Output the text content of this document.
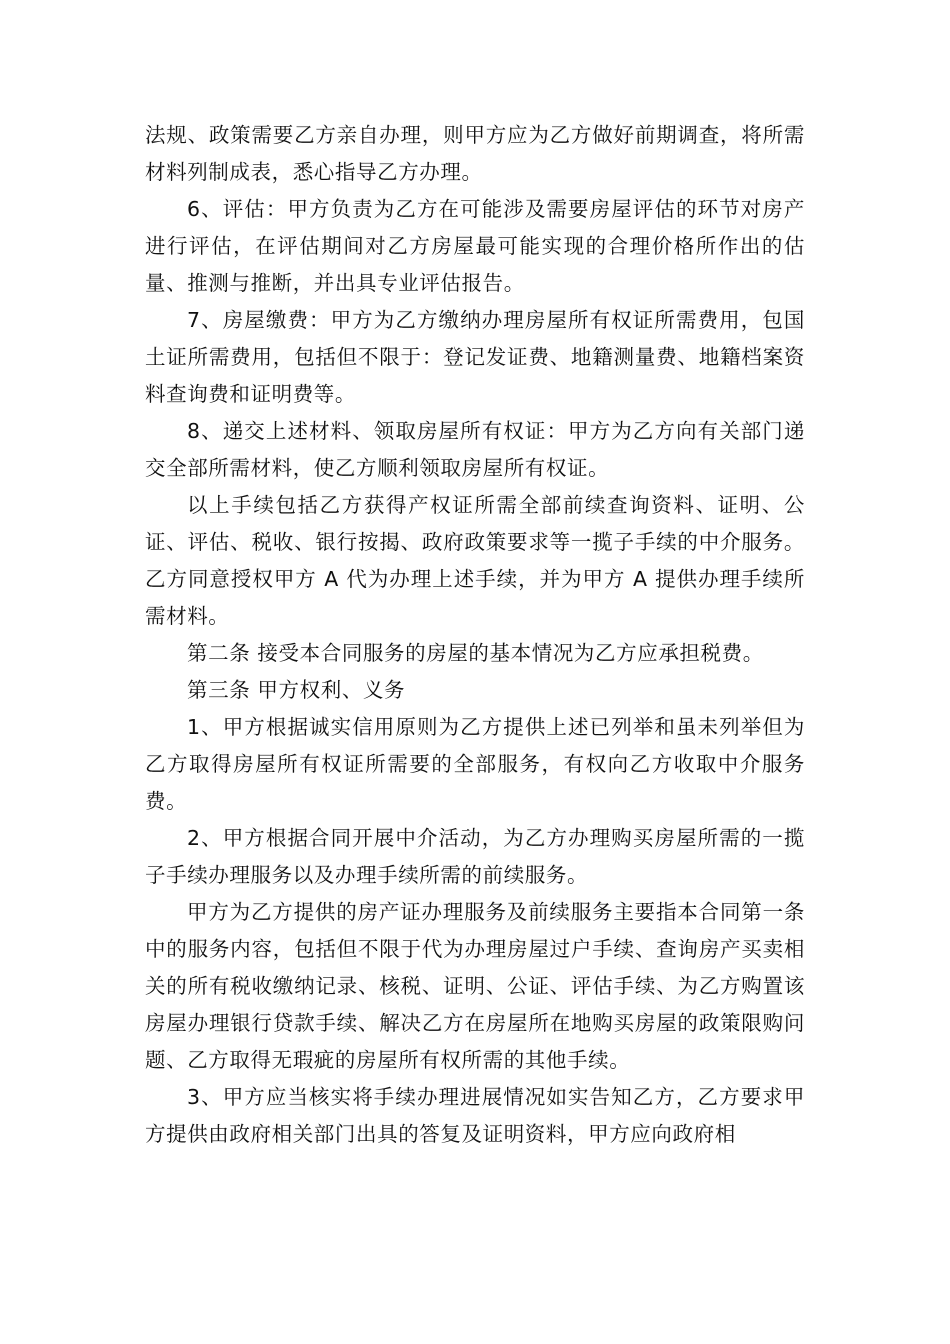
法规、政策需要乙方亲自办理，则甲方应为乙方做好前期调查，将所需材料列制成表，悉心指导乙方办理。

6、评估：甲方负责为乙方在可能涉及需要房屋评估的环节对房产进行评估，在评估期间对乙方房屋最可能实现的合理价格所作出的估量、推测与推断，并出具专业评估报告。

7、房屋缴费：甲方为乙方缴纳办理房屋所有权证所需费用，包国土证所需费用，包括但不限于：登记发证费、地籍测量费、地籍档案资料查询费和证明费等。

8、递交上述材料、领取房屋所有权证：甲方为乙方向有关部门递交全部所需材料，使乙方顺利领取房屋所有权证。

以上手续包括乙方获得产权证所需全部前续查询资料、证明、公证、评估、税收、银行按揭、政府政策要求等一揽子手续的中介服务。 乙方同意授权甲方 A 代为办理上述手续，并为甲方 A 提供办理手续所需材料。

第二条 接受本合同服务的房屋的基本情况为乙方应承担税费。

第三条 甲方权利、义务

1、甲方根据诚实信用原则为乙方提供上述已列举和虽未列举但为乙方取得房屋所有权证所需要的全部服务，有权向乙方收取中介服务费。

2、甲方根据合同开展中介活动，为乙方办理购买房屋所需的一揽子手续办理服务以及办理手续所需的前续服务。

甲方为乙方提供的房产证办理服务及前续服务主要指本合同第一条中的服务内容，包括但不限于代为办理房屋过户手续、查询房产买卖相关的所有税收缴纳记录、核税、证明、公证、评估手续、为乙方购置该房屋办理银行贷款手续、解决乙方在房屋所在地购买房屋的政策限购问题、乙方取得无瑕疵的房屋所有权所需的其他手续。

3、甲方应当核实将手续办理进展情况如实告知乙方，乙方要求甲方提供由政府相关部门出具的答复及证明资料，甲方应向政府相
